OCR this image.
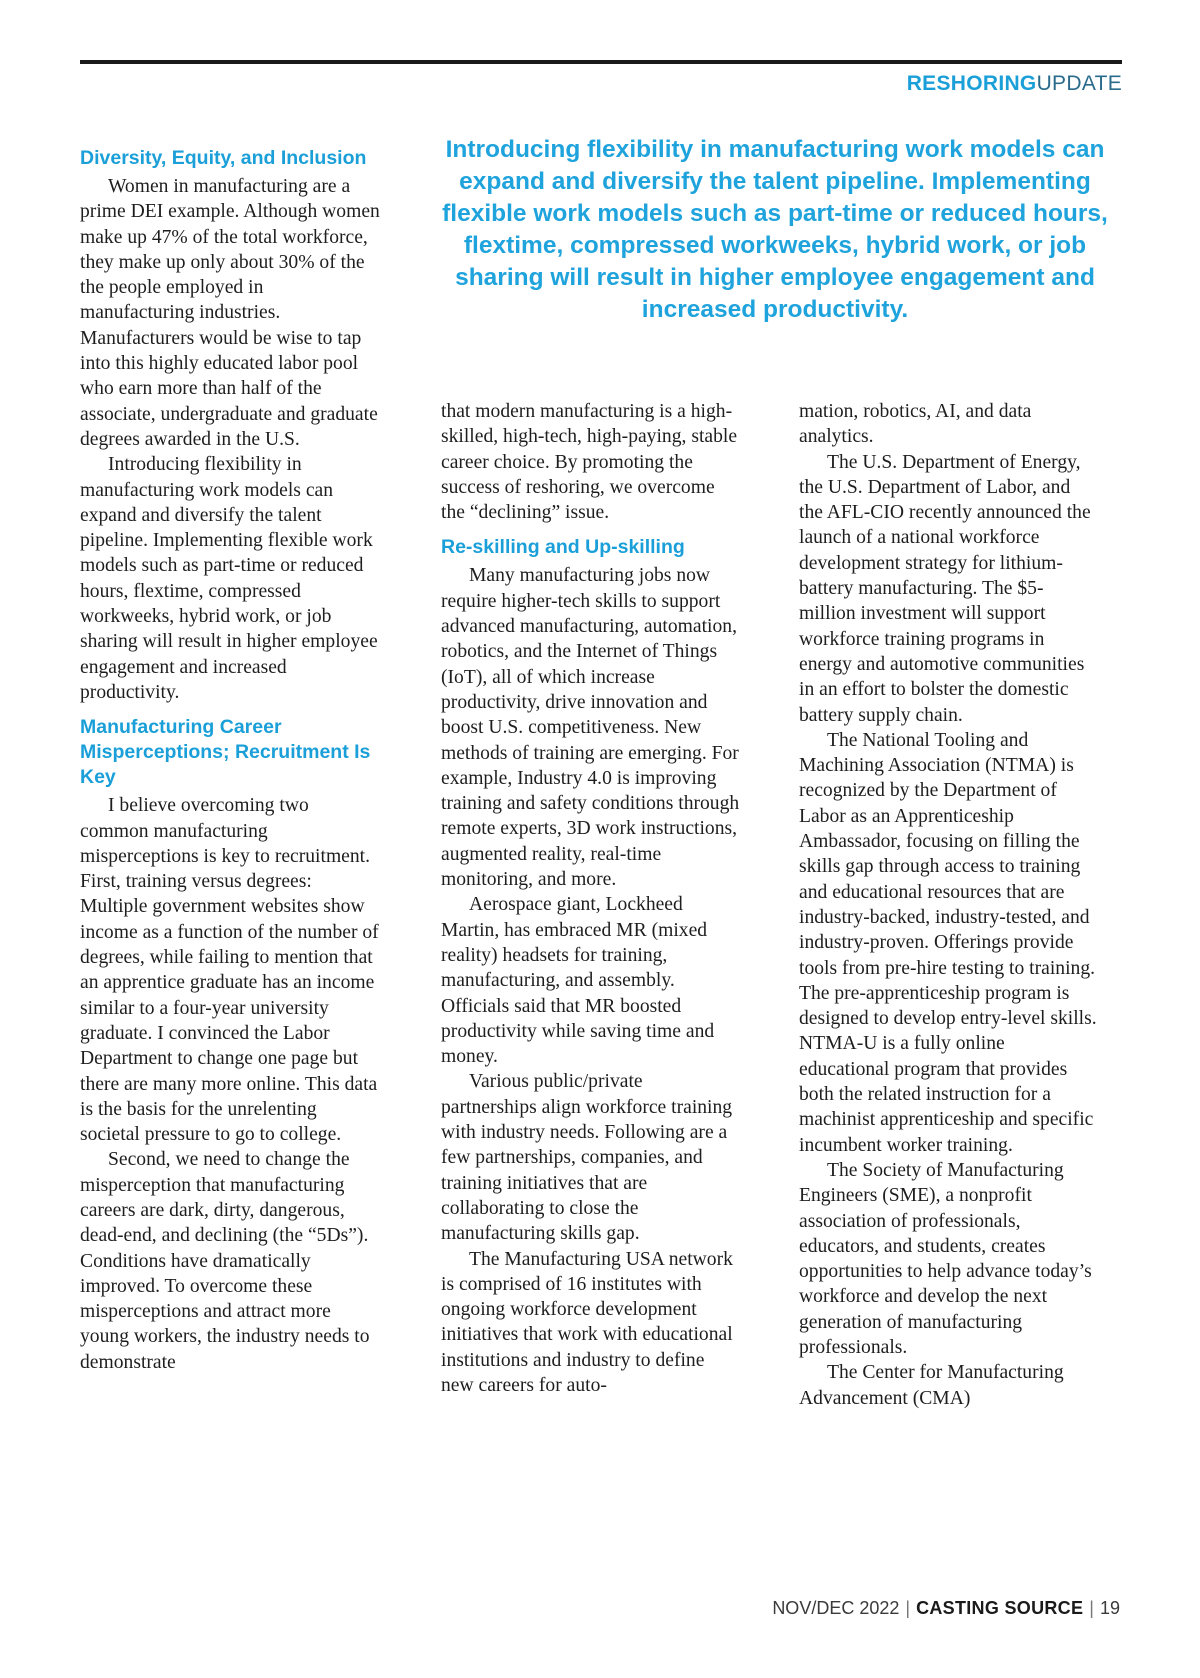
RESHORINGUPDATE
Introducing flexibility in manufacturing work models can expand and diversify the talent pipeline. Implementing flexible work models such as part-time or reduced hours, flextime, compressed workweeks, hybrid work, or job sharing will result in higher employee engagement and increased productivity.
Diversity, Equity, and Inclusion

Women in manufacturing are a prime DEI example. Although women make up 47% of the total workforce, they make up only about 30% of the the people employed in manufacturing industries. Manufacturers would be wise to tap into this highly educated labor pool who earn more than half of the associate, undergraduate and graduate degrees awarded in the U.S.

Introducing flexibility in manufacturing work models can expand and diversify the talent pipeline. Implementing flexible work models such as part-time or reduced hours, flextime, compressed workweeks, hybrid work, or job sharing will result in higher employee engagement and increased productivity.

Manufacturing Career Misperceptions; Recruitment Is Key

I believe overcoming two common manufacturing misperceptions is key to recruitment. First, training versus degrees: Multiple government websites show income as a function of the number of degrees, while failing to mention that an apprentice graduate has an income similar to a four-year university graduate. I convinced the Labor Department to change one page but there are many more online. This data is the basis for the unrelenting societal pressure to go to college.

Second, we need to change the misperception that manufacturing careers are dark, dirty, dangerous, dead-end, and declining (the “5Ds”). Conditions have dramatically improved. To overcome these misperceptions and attract more young workers, the industry needs to demonstrate

that modern manufacturing is a high-skilled, high-tech, high-paying, stable career choice. By promoting the success of reshoring, we overcome the “declining” issue.

Re-skilling and Up-skilling

Many manufacturing jobs now require higher-tech skills to support advanced manufacturing, automation, robotics, and the Internet of Things (IoT), all of which increase productivity, drive innovation and boost U.S. competitiveness. New methods of training are emerging. For example, Industry 4.0 is improving training and safety conditions through remote experts, 3D work instructions, augmented reality, real-time monitoring, and more.

Aerospace giant, Lockheed Martin, has embraced MR (mixed reality) headsets for training, manufacturing, and assembly. Officials said that MR boosted productivity while saving time and money.

Various public/private partnerships align workforce training with industry needs. Following are a few partnerships, companies, and training initiatives that are collaborating to close the manufacturing skills gap.

The Manufacturing USA network is comprised of 16 institutes with ongoing workforce development initiatives that work with educational institutions and industry to define new careers for auto-

mation, robotics, AI, and data analytics.

The U.S. Department of Energy, the U.S. Department of Labor, and the AFL-CIO recently announced the launch of a national workforce development strategy for lithium-battery manufacturing. The $5-million investment will support workforce training programs in energy and automotive communities in an effort to bolster the domestic battery supply chain.

The National Tooling and Machining Association (NTMA) is recognized by the Department of Labor as an Apprenticeship Ambassador, focusing on filling the skills gap through access to training and educational resources that are industry-backed, industry-tested, and industry-proven. Offerings provide tools from pre-hire testing to training. The pre-apprenticeship program is designed to develop entry-level skills. NTMA-U is a fully online educational program that provides both the related instruction for a machinist apprenticeship and specific incumbent worker training.

The Society of Manufacturing Engineers (SME), a nonprofit association of professionals, educators, and students, creates opportunities to help advance today’s workforce and develop the next generation of manufacturing professionals.

The Center for Manufacturing Advancement (CMA)

NOV/DEC 2022 | CASTING SOURCE | 19
